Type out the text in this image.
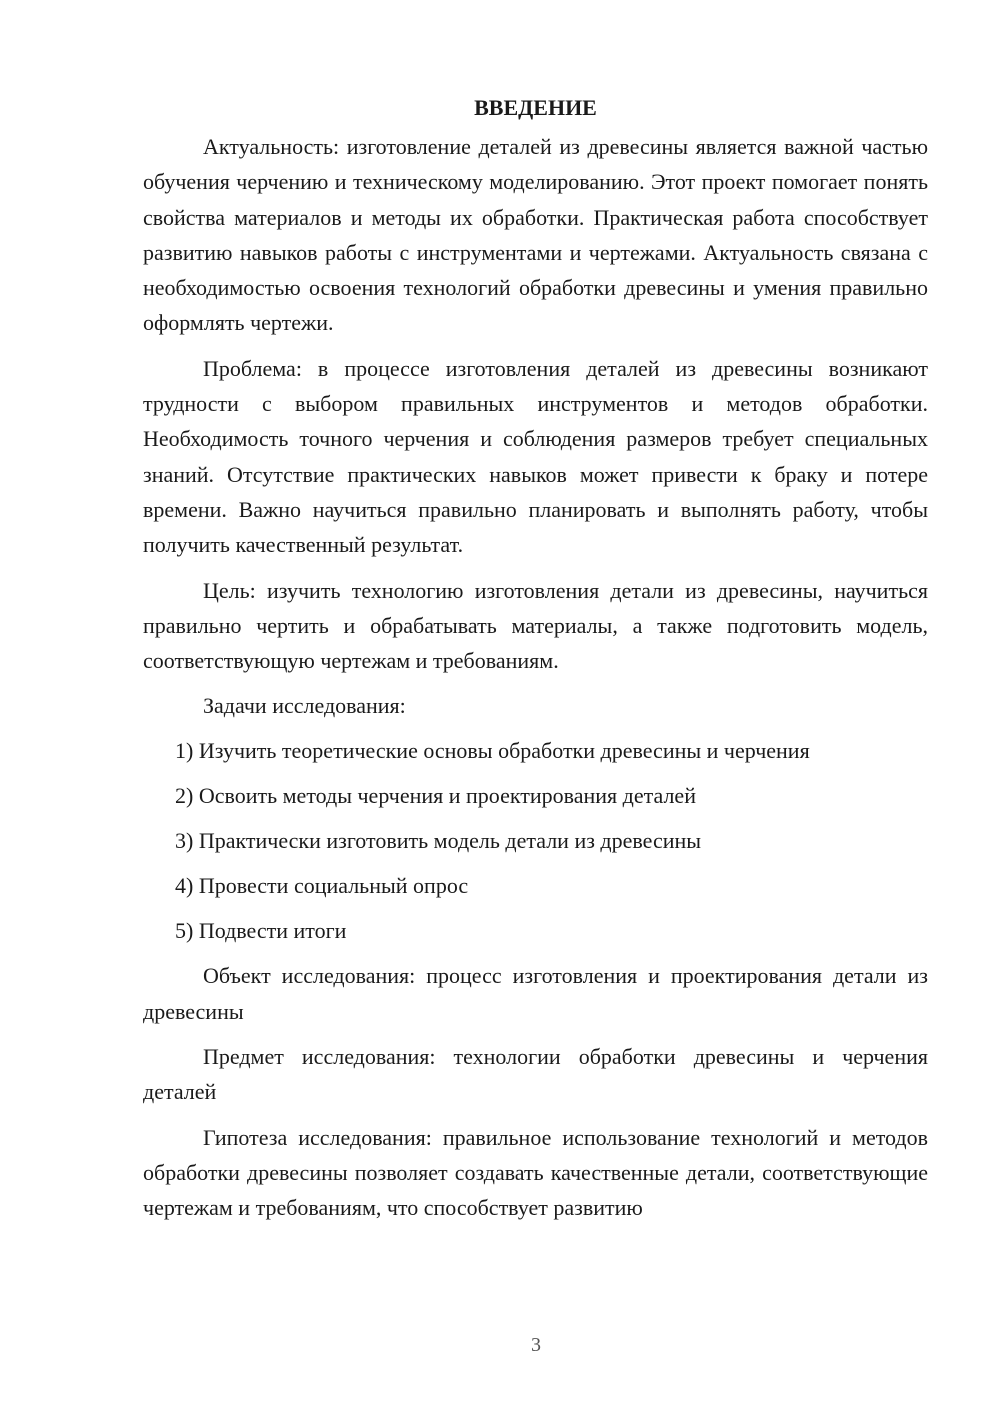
ВВЕДЕНИЕ

Актуальность: изготовление деталей из древесины является важной частью обучения черчению и техническому моделированию. Этот проект помогает понять свойства материалов и методы их обработки. Практическая работа способствует развитию навыков работы с инструментами и чертежами. Актуальность связана с необходимостью освоения технологий обработки древесины и умения правильно оформлять чертежи.

Проблема: в процессе изготовления деталей из древесины возникают трудности с выбором правильных инструментов и методов обработки. Необходимость точного черчения и соблюдения размеров требует специальных знаний. Отсутствие практических навыков может привести к браку и потере времени. Важно научиться правильно планировать и выполнять работу, чтобы получить качественный результат.

Цель: изучить технологию изготовления детали из древесины, научиться правильно чертить и обрабатывать материалы, а также подготовить модель, соответствующую чертежам и требованиям.

Задачи исследования:
1) Изучить теоретические основы обработки древесины и черчения
2) Освоить методы черчения и проектирования деталей
3) Практически изготовить модель детали из древесины
4) Провести социальный опрос
5) Подвести итоги

Объект исследования: процесс изготовления и проектирования детали из древесины

Предмет исследования: технологии обработки древесины и черчения деталей

Гипотеза исследования: правильное использование технологий и методов обработки древесины позволяет создавать качественные детали, соответствующие чертежам и требованиям, что способствует развитию

3
